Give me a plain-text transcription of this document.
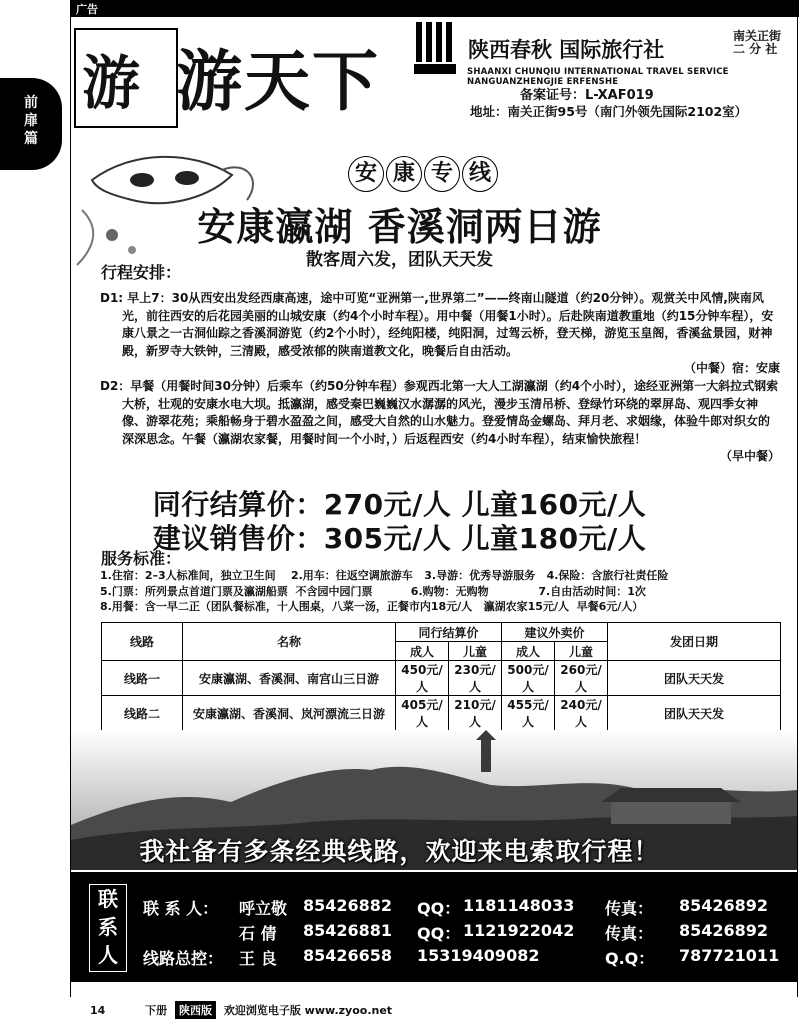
广告
前
扉
篇
游 游天下	陕西春秋 国际旅行社
南关正街
二 分 社
SHAANXI CHUNQIU INTERNATIONAL TRAVEL SERVICE NANGUANZHENGJIE ERFENSHE
备案证号：L-XAF019
地址：南关正街95号（南门外领先国际2102室）
安 康 专 线
安康瀛湖 香溪洞两日游
散客周六发，团队天天发
行程安排：

D1: 早上7：30从西安出发经西康高速，途中可览“亚洲第一,世界第二”——终南山隧道（约20分钟）。观赏关中风情,陕南风光，前往西安的后花园美丽的山城安康（约4个小时车程）。用中餐（用餐1小时）。后赴陕南道教重地（约15分钟车程），安康八景之一古洞仙踪之香溪洞游览（约2个小时），经纯阳楼，纯阳洞，过驾云桥，登天梯，游览玉皇阁，香溪盆景园，财神殿，新罗寺大铁钟，三清殿，感受浓郁的陕南道教文化，晚餐后自由活动。

（中餐）宿：安康

D2：早餐（用餐时间30分钟）后乘车（约50分钟车程）参观西北第一大人工湖瀛湖（约4个小时），途经亚洲第一大斜拉式钢索大桥，壮观的安康水电大坝。抵瀛湖，感受秦巴巍巍汉水潺潺的风光，漫步玉清吊桥、登绿竹环绕的翠屏岛、观四季女神像、游翠花苑；乘船畅身于碧水盈盈之间，感受大自然的山水魅力。登爱情岛金螺岛、拜月老、求姻缘，体验牛郎对织女的深深思念。午餐（瀛湖农家餐，用餐时间一个小时，）后返程西安（约4小时车程），结束愉快旅程！

（早中餐）
同行结算价：270元/人 儿童160元/人
建议销售价：305元/人 儿童180元/人
服务标准：
1.住宿：2–3人标准间，独立卫生间    2.用车：往返空调旅游车   3.导游：优秀导游服务   4.保险：含旅行社责任险
5.门票：所列景点首道门票及瀛湖船票  不含园中园门票          6.购物：无购物             7.自由活动时间：1次
8.用餐：含一早二正（团队餐标准，十人围桌，八菜一汤，正餐市内18元/人   瀛湖农家15元/人  早餐6元/人）
线路	名称	同行结算价		建议外卖价		发团日期
		成人	儿童	成人	儿童	
线路一	安康瀛湖、香溪洞、南宫山三日游	450元/人	230元/人	500元/人	260元/人	团队天天发
线路二	安康瀛湖、香溪洞、岚河漂流三日游	405元/人	210元/人	455元/人	240元/人	团队天天发
我社备有多条经典线路，欢迎来电索取行程！
联
系
人
联 系 人： 呼立敬 85426882 QQ： 1181148033 传真： 85426892
石 倩 85426881 QQ： 1121922042 传真： 85426892
线路总控： 王 良 85426658 15319409082	Q.Q： 787721011
14	下册 陕西版 欢迎浏览电子版 www.zyoo.net
